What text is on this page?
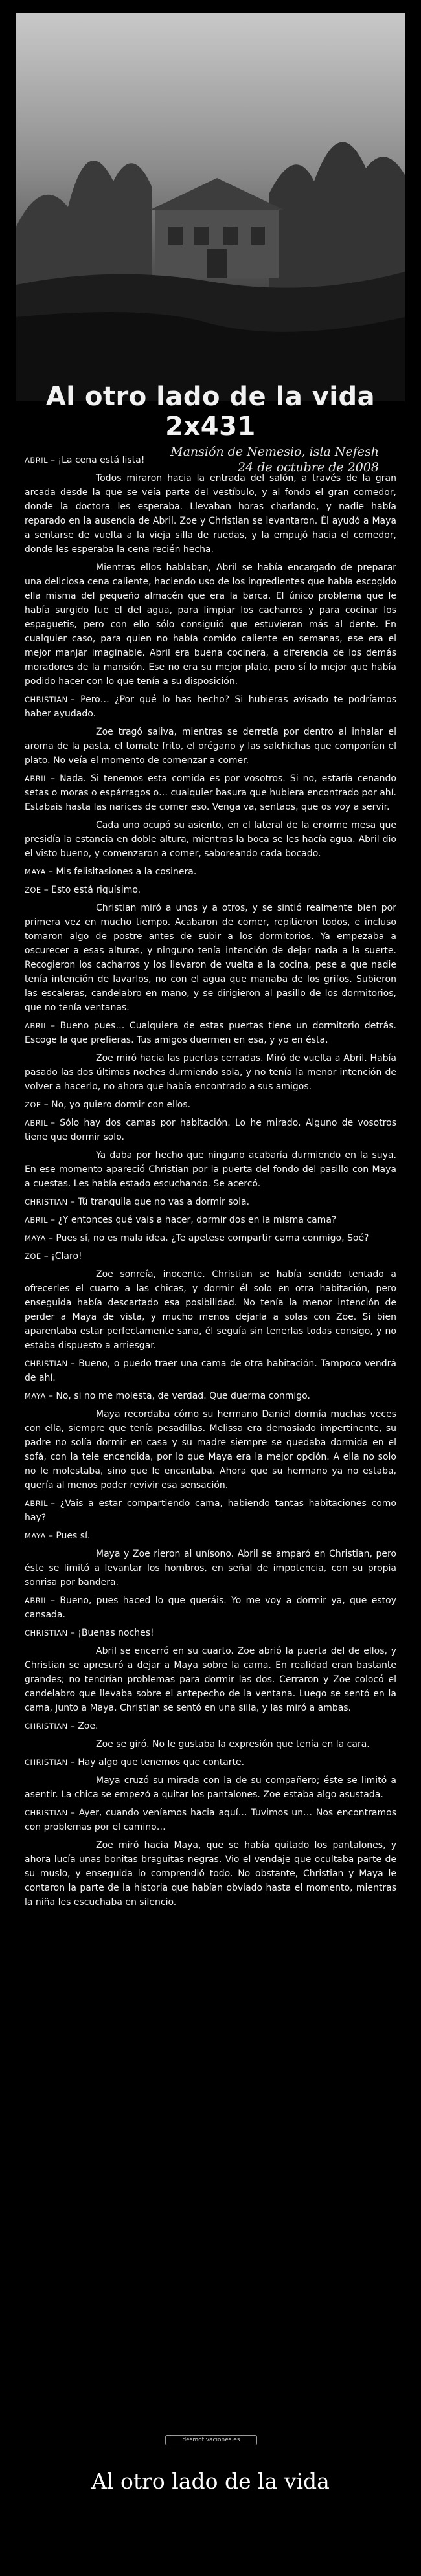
Al otro lado de la vida 2x431
Mansión de Nemesio, isla Nefesh
24 de octubre de 2008

ABRIL – ¡La cena está lista!

Todos miraron hacia la entrada del salón, a través de la gran arcada desde la que se veía parte del vestíbulo, y al fondo el gran comedor, donde la doctora les esperaba. Llevaban horas charlando, y nadie había reparado en la ausencia de Abril. Zoe y Christian se levantaron. Él ayudó a Maya a sentarse de vuelta a la vieja silla de ruedas, y la empujó hacia el comedor, donde les esperaba la cena recién hecha.

Mientras ellos hablaban, Abril se había encargado de preparar una deliciosa cena caliente, haciendo uso de los ingredientes que había escogido ella misma del pequeño almacén que era la barca. El único problema que le había surgido fue el del agua, para limpiar los cacharros y para cocinar los espaguetis, pero con ello sólo consiguió que estuvieran más al dente. En cualquier caso, para quien no había comido caliente en semanas, ese era el mejor manjar imaginable. Abril era buena cocinera, a diferencia de los demás moradores de la mansión. Ese no era su mejor plato, pero sí lo mejor que había podido hacer con lo que tenía a su disposición.

CHRISTIAN – Pero… ¿Por qué lo has hecho? Si hubieras avisado te podríamos haber ayudado.

Zoe tragó saliva, mientras se derretía por dentro al inhalar el aroma de la pasta, el tomate frito, el orégano y las salchichas que componían el plato. No veía el momento de comenzar a comer.

ABRIL – Nada. Si tenemos esta comida es por vosotros. Si no, estaría cenando setas o moras o espárragos o… cualquier basura que hubiera encontrado por ahí. Estabais hasta las narices de comer eso. Venga va, sentaos, que os voy a servir.

Cada uno ocupó su asiento, en el lateral de la enorme mesa que presidía la estancia en doble altura, mientras la boca se les hacía agua. Abril dio el visto bueno, y comenzaron a comer, saboreando cada bocado.

MAYA – Mis felisitasiones a la cosinera.

ZOE – Esto está riquísimo.

Christian miró a unos y a otros, y se sintió realmente bien por primera vez en mucho tiempo. Acabaron de comer, repitieron todos, e incluso tomaron algo de postre antes de subir a los dormitorios. Ya empezaba a oscurecer a esas alturas, y ninguno tenía intención de dejar nada a la suerte. Recogieron los cacharros y los llevaron de vuelta a la cocina, pese a que nadie tenía intención de lavarlos, no con el agua que manaba de los grifos. Subieron las escaleras, candelabro en mano, y se dirigieron al pasillo de los dormitorios, que no tenía ventanas.

ABRIL – Bueno pues… Cualquiera de estas puertas tiene un dormitorio detrás. Escoge la que prefieras. Tus amigos duermen en esa, y yo en ésta.

Zoe miró hacia las puertas cerradas. Miró de vuelta a Abril. Había pasado las dos últimas noches durmiendo sola, y no tenía la menor intención de volver a hacerlo, no ahora que había encontrado a sus amigos.

ZOE – No, yo quiero dormir con ellos.

ABRIL – Sólo hay dos camas por habitación. Lo he mirado. Alguno de vosotros tiene que dormir solo.

Ya daba por hecho que ninguno acabaría durmiendo en la suya. En ese momento apareció Christian por la puerta del fondo del pasillo con Maya a cuestas. Les había estado escuchando. Se acercó.

CHRISTIAN – Tú tranquila que no vas a dormir sola.

ABRIL – ¿Y entonces qué vais a hacer, dormir dos en la misma cama?

MAYA – Pues sí, no es mala idea. ¿Te apetese compartir cama conmigo, Soé?

ZOE – ¡Claro!

Zoe sonreía, inocente. Christian se había sentido tentado a ofrecerles el cuarto a las chicas, y dormir él solo en otra habitación, pero enseguida había descartado esa posibilidad. No tenía la menor intención de perder a Maya de vista, y mucho menos dejarla a solas con Zoe. Si bien aparentaba estar perfectamente sana, él seguía sin tenerlas todas consigo, y no estaba dispuesto a arriesgar.

CHRISTIAN – Bueno, o puedo traer una cama de otra habitación. Tampoco vendrá de ahí.

MAYA – No, si no me molesta, de verdad. Que duerma conmigo.

Maya recordaba cómo su hermano Daniel dormía muchas veces con ella, siempre que tenía pesadillas. Melissa era demasiado impertinente, su padre no solía dormir en casa y su madre siempre se quedaba dormida en el sofá, con la tele encendida, por lo que Maya era la mejor opción. A ella no solo no le molestaba, sino que le encantaba. Ahora que su hermano ya no estaba, quería al menos poder revivir esa sensación.

ABRIL – ¿Vais a estar compartiendo cama, habiendo tantas habitaciones como hay?

MAYA – Pues sí.

Maya y Zoe rieron al unísono. Abril se amparó en Christian, pero éste se limitó a levantar los hombros, en señal de impotencia, con su propia sonrisa por bandera.

ABRIL – Bueno, pues haced lo que queráis. Yo me voy a dormir ya, que estoy cansada.

CHRISTIAN – ¡Buenas noches!

Abril se encerró en su cuarto. Zoe abrió la puerta del de ellos, y Christian se apresuró a dejar a Maya sobre la cama. En realidad eran bastante grandes; no tendrían problemas para dormir las dos. Cerraron y Zoe colocó el candelabro que llevaba sobre el antepecho de la ventana. Luego se sentó en la cama, junto a Maya. Christian se sentó en una silla, y las miró a ambas.

CHRISTIAN – Zoe.

Zoe se giró. No le gustaba la expresión que tenía en la cara.

CHRISTIAN – Hay algo que tenemos que contarte.

Maya cruzó su mirada con la de su compañero; éste se limitó a asentir. La chica se empezó a quitar los pantalones. Zoe estaba algo asustada.

CHRISTIAN – Ayer, cuando veníamos hacia aquí… Tuvimos un… Nos encontramos con problemas por el camino…

Zoe miró hacia Maya, que se había quitado los pantalones, y ahora lucía unas bonitas braguitas negras. Vio el vendaje que ocultaba parte de su muslo, y enseguida lo comprendió todo. No obstante, Christian y Maya le contaron la parte de la historia que habían obviado hasta el momento, mientras la niña les escuchaba en silencio.

desmotivaciones.es
Al otro lado de la vida
